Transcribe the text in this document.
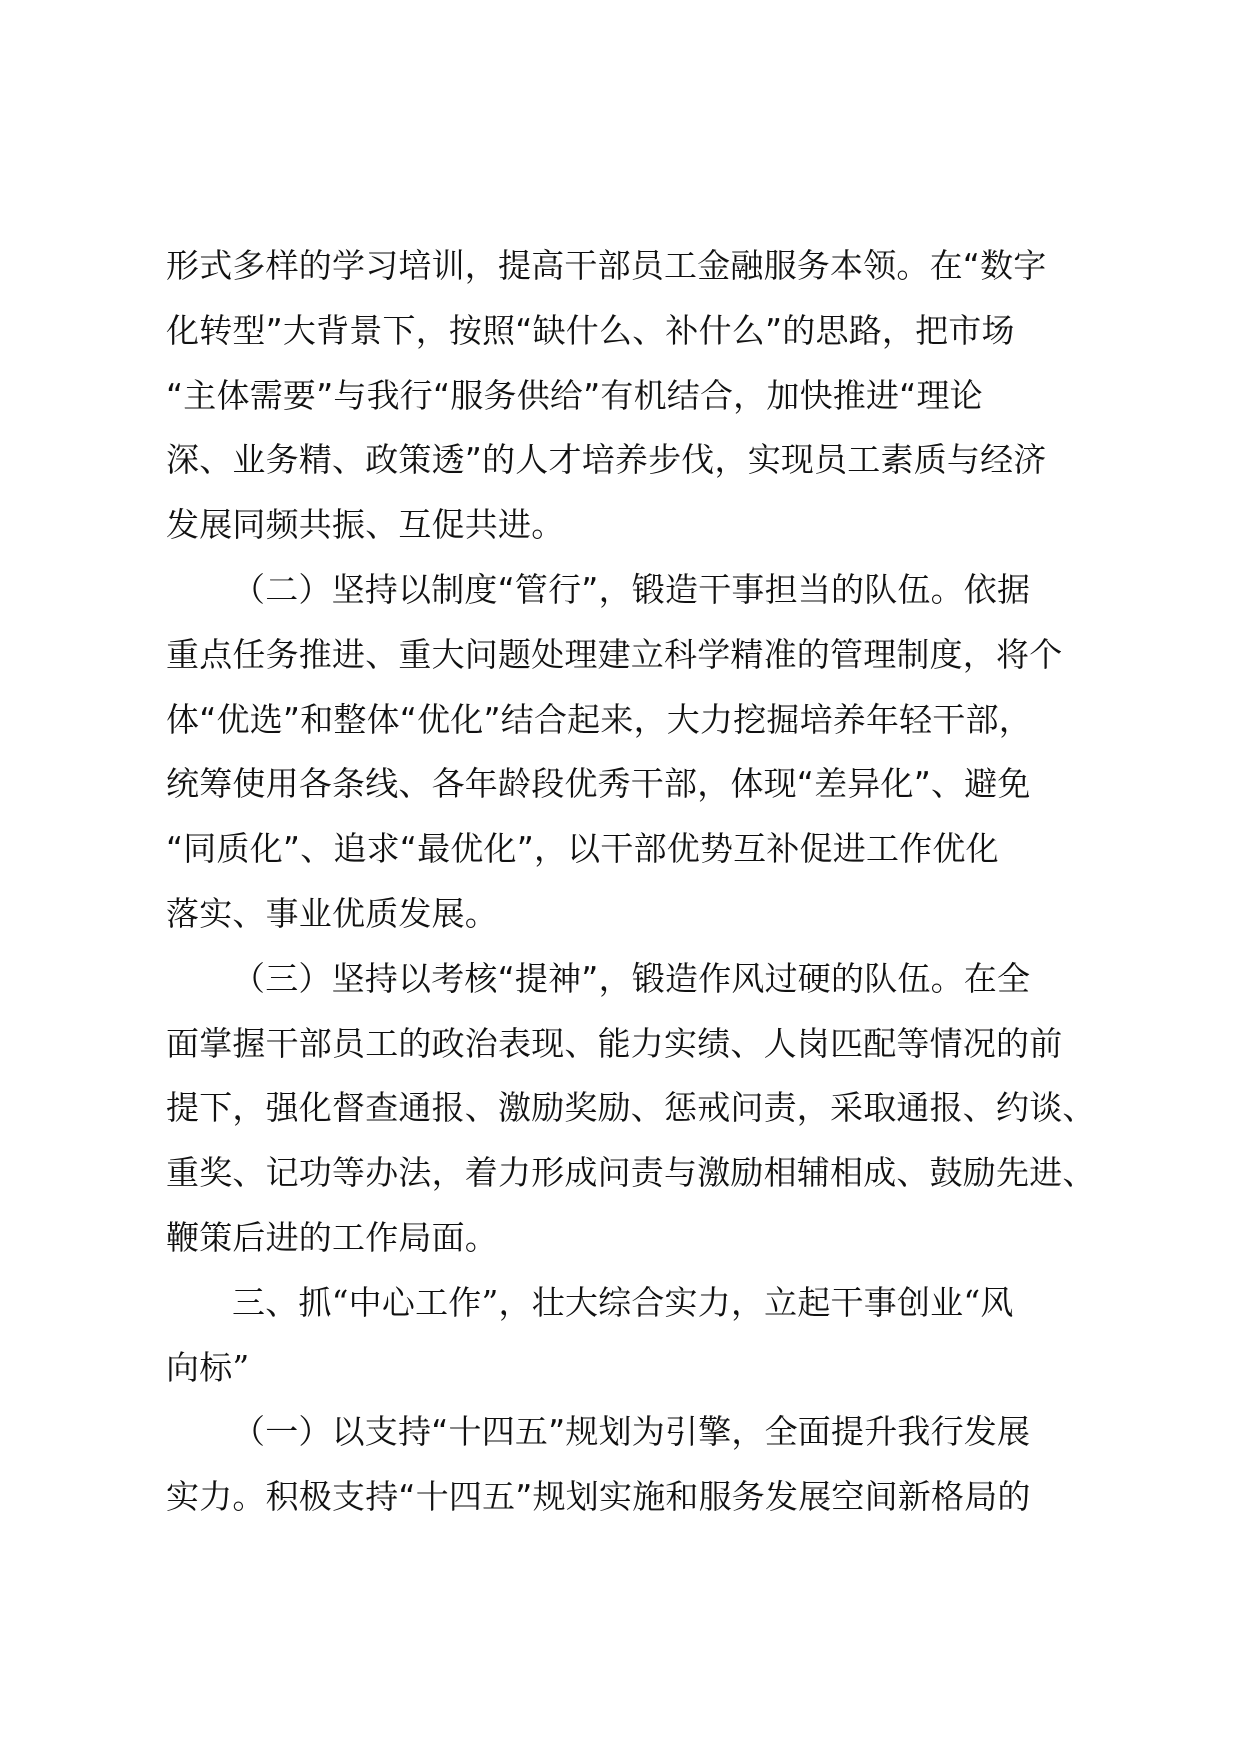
形式多样的学习培训，提高干部员工金融服务本领。在“数字
化转型”大背景下，按照“缺什么、补什么”的思路，把市场
“主体需要”与我行“服务供给”有机结合，加快推进“理论
深、业务精、政策透”的人才培养步伐，实现员工素质与经济
发展同频共振、互促共进。
（二）坚持以制度“管行”，锻造干事担当的队伍。依据
重点任务推进、重大问题处理建立科学精准的管理制度，将个
体“优选”和整体“优化”结合起来，大力挖掘培养年轻干部，
统筹使用各条线、各年龄段优秀干部，体现“差异化”、避免
“同质化”、追求“最优化”，以干部优势互补促进工作优化
落实、事业优质发展。
（三）坚持以考核“提神”，锻造作风过硬的队伍。在全
面掌握干部员工的政治表现、能力实绩、人岗匹配等情况的前
提下，强化督查通报、激励奖励、惩戒问责，采取通报、约谈、
重奖、记功等办法，着力形成问责与激励相辅相成、鼓励先进、
鞭策后进的工作局面。
三、抓“中心工作”，壮大综合实力，立起干事创业“风
向标”
（一）以支持“十四五”规划为引擎，全面提升我行发展
实力。积极支持“十四五”规划实施和服务发展空间新格局的
